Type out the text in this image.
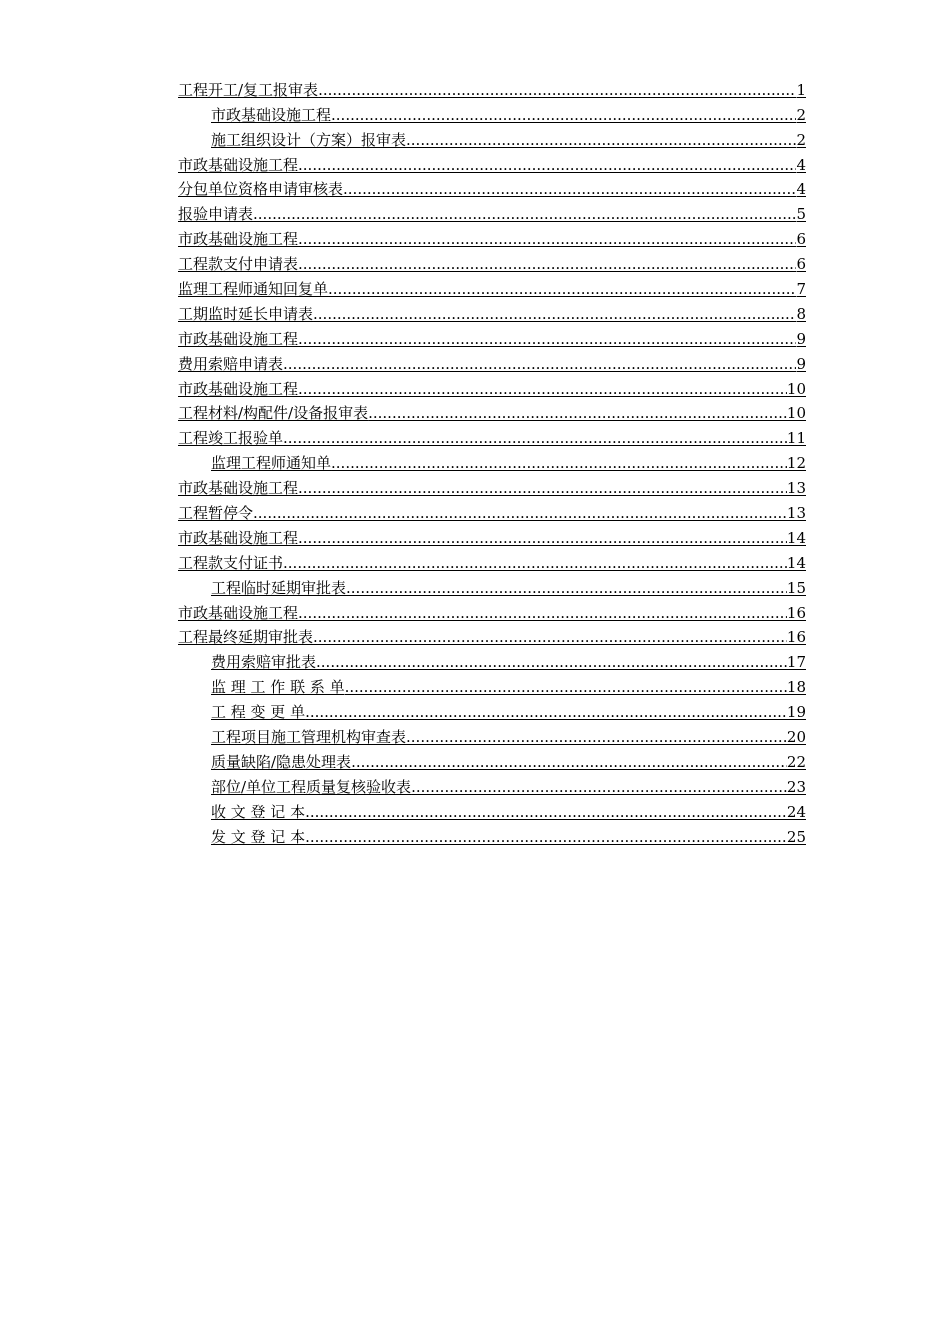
工程开工/复工报审表 .....	1
市政基础设施工程 .....	2
施工组织设计（方案）报审表 .....	2
市政基础设施工程 .....	4
分包单位资格申请审核表 .....	4
报验申请表 .....	5
市政基础设施工程 .....	6
工程款支付申请表 .....	6
监理工程师通知回复单 .....	7
工期监时延长申请表 .....	8
市政基础设施工程 .....	9
费用索赔申请表 .....	9
市政基础设施工程 .....	10
工程材料/构配件/设备报审表 .....	10
工程竣工报验单 .....	11
监理工程师通知单 .....	12
市政基础设施工程 .....	13
工程暂停令 .....	13
市政基础设施工程 .....	14
工程款支付证书 .....	14
工程临时延期审批表 .....	15
市政基础设施工程 .....	16
工程最终延期审批表 .....	16
费用索赔审批表 .....	17
监 理 工 作 联 系 单 .....	18
工 程 变 更 单 .....	19
工程项目施工管理机构审查表 .....	20
质量缺陷/隐患处理表 .....	22
部位/单位工程质量复核验收表 .....	23
收 文 登 记 本 .....	24
发 文 登 记 本 .....	25
